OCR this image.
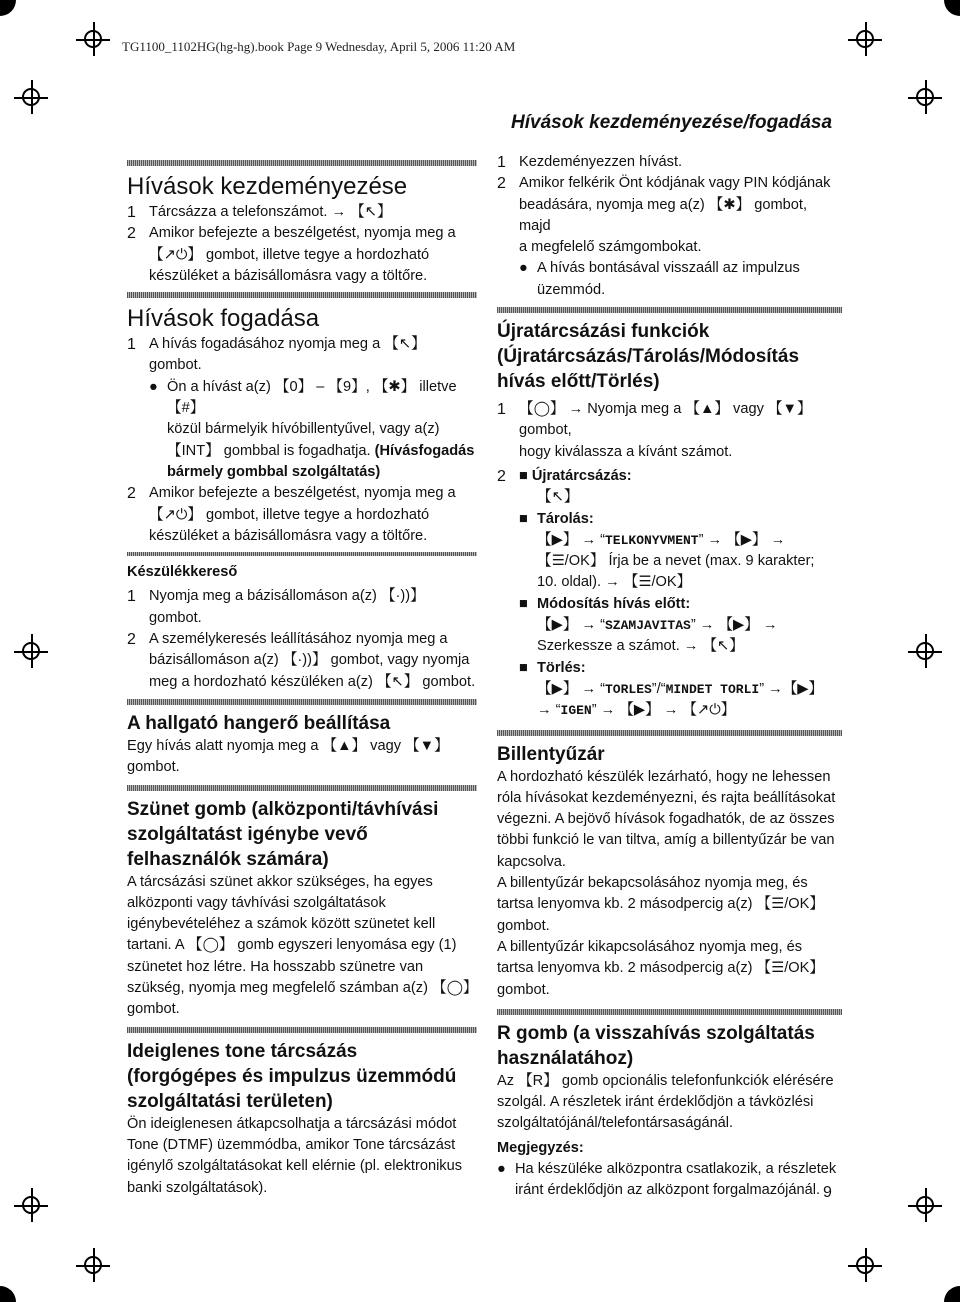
TG1100_1102HG(hg-hg).book Page 9 Wednesday, April 5, 2006 11:20 AM
Hívások kezdeményezése/fogadása

Hívások kezdeményezése

1 Tárcsázza a telefonszámot. → 【↖】
2 Amikor befejezte a beszélgetést, nyomja meg a

【↗⏻】 gombot, illetve tegye a hordozható

készüléket a bázisállomásra vagy a töltőre.

Hívások fogadása

1 A hívás fogadásához nyomja meg a 【↖】

gombot.

● Ön a hívást a(z) 【0】 – 【9】, 【✱】 illetve 【#】

közül bármelyik hívóbillentyűvel, vagy a(z)

【INT】 gombbal is fogadhatja. (Hívásfogadás

bármely gombbal szolgáltatás)

2 Amikor befejezte a beszélgetést, nyomja meg a

【↗⏻】 gombot, illetve tegye a hordozható

készüléket a bázisállomásra vagy a töltőre.

Készülékkereső

1 Nyomja meg a bázisállomáson a(z) 【·))】 gombot.
2 A személykeresés leállításához nyomja meg a

bázisállomáson a(z) 【·))】 gombot, vagy nyomja

meg a hordozható készüléken a(z) 【↖】 gombot.

A hallgató hangerő beállítása

Egy hívás alatt nyomja meg a 【▲】 vagy 【▼】

gombot.

Szünet gomb (alközponti/távhívási

szolgáltatást igénybe vevő

felhasználók számára)

A tárcsázási szünet akkor szükséges, ha egyes

alközponti vagy távhívási szolgáltatások

igénybevételéhez a számok között szünetet kell

tartani. A 【◯】 gomb egyszeri lenyomása egy (1)

szünetet hoz létre. Ha hosszabb szünetre van

szükség, nyomja meg megfelelő számban a(z) 【◯】

gombot.

Ideiglenes tone tárcsázás

(forgógépes és impulzus üzemmódú

szolgáltatási területen)

Ön ideiglenesen átkapcsolhatja a tárcsázási módot

Tone (DTMF) üzemmódba, amikor Tone tárcsázást

igénylő szolgáltatásokat kell elérnie (pl. elektronikus

banki szolgáltatások).

1 Kezdeményezzen hívást.
2 Amikor felkérik Önt kódjának vagy PIN kódjának

beadására, nyomja meg a(z) 【✱】 gombot, majd

a megfelelő számgombokat.

● A hívás bontásával visszaáll az impulzus

üzemmód.

Újratárcsázási funkciók

(Újratárcsázás/Tárolás/Módosítás

hívás előtt/Törlés)

1 【◯】 → Nyomja meg a 【▲】 vagy 【▼】 gombot,

hogy kiválassza a kívánt számot.

2 ■ Újratárcsázás:

【↖】

■ Tárolás:

【▶】 → “TELKONYVMENT” → 【▶】 →

【☰/OK】 Írja be a nevet (max. 9 karakter;

10. oldal). → 【☰/OK】

■ Módosítás hívás előtt:

【▶】 → “SZAMJAVITAS” → 【▶】 →

Szerkessze a számot. → 【↖】

■ Törlés:

【▶】 → “TORLES”/“MINDET TORLI” →【▶】

→ “IGEN” → 【▶】 → 【↗⏻】

Billentyűzár

A hordozható készülék lezárható, hogy ne lehessen

róla hívásokat kezdeményezni, és rajta beállításokat

végezni. A bejövő hívások fogadhatók, de az összes

többi funkció le van tiltva, amíg a billentyűzár be van

kapcsolva.

A billentyűzár bekapcsolásához nyomja meg, és

tartsa lenyomva kb. 2 másodpercig a(z) 【☰/OK】

gombot.

A billentyűzár kikapcsolásához nyomja meg, és

tartsa lenyomva kb. 2 másodpercig a(z) 【☰/OK】

gombot.

R gomb (a visszahívás szolgáltatás

használatához)

Az 【R】 gomb opcionális telefonfunkciók elérésére

szolgál. A részletek iránt érdeklődjön a távközlési

szolgáltatójánál/telefontársaságánál.

Megjegyzés:

● Ha készüléke alközpontra csatlakozik, a részletek

iránt érdeklődjön az alközpont forgalmazójánál. 9
